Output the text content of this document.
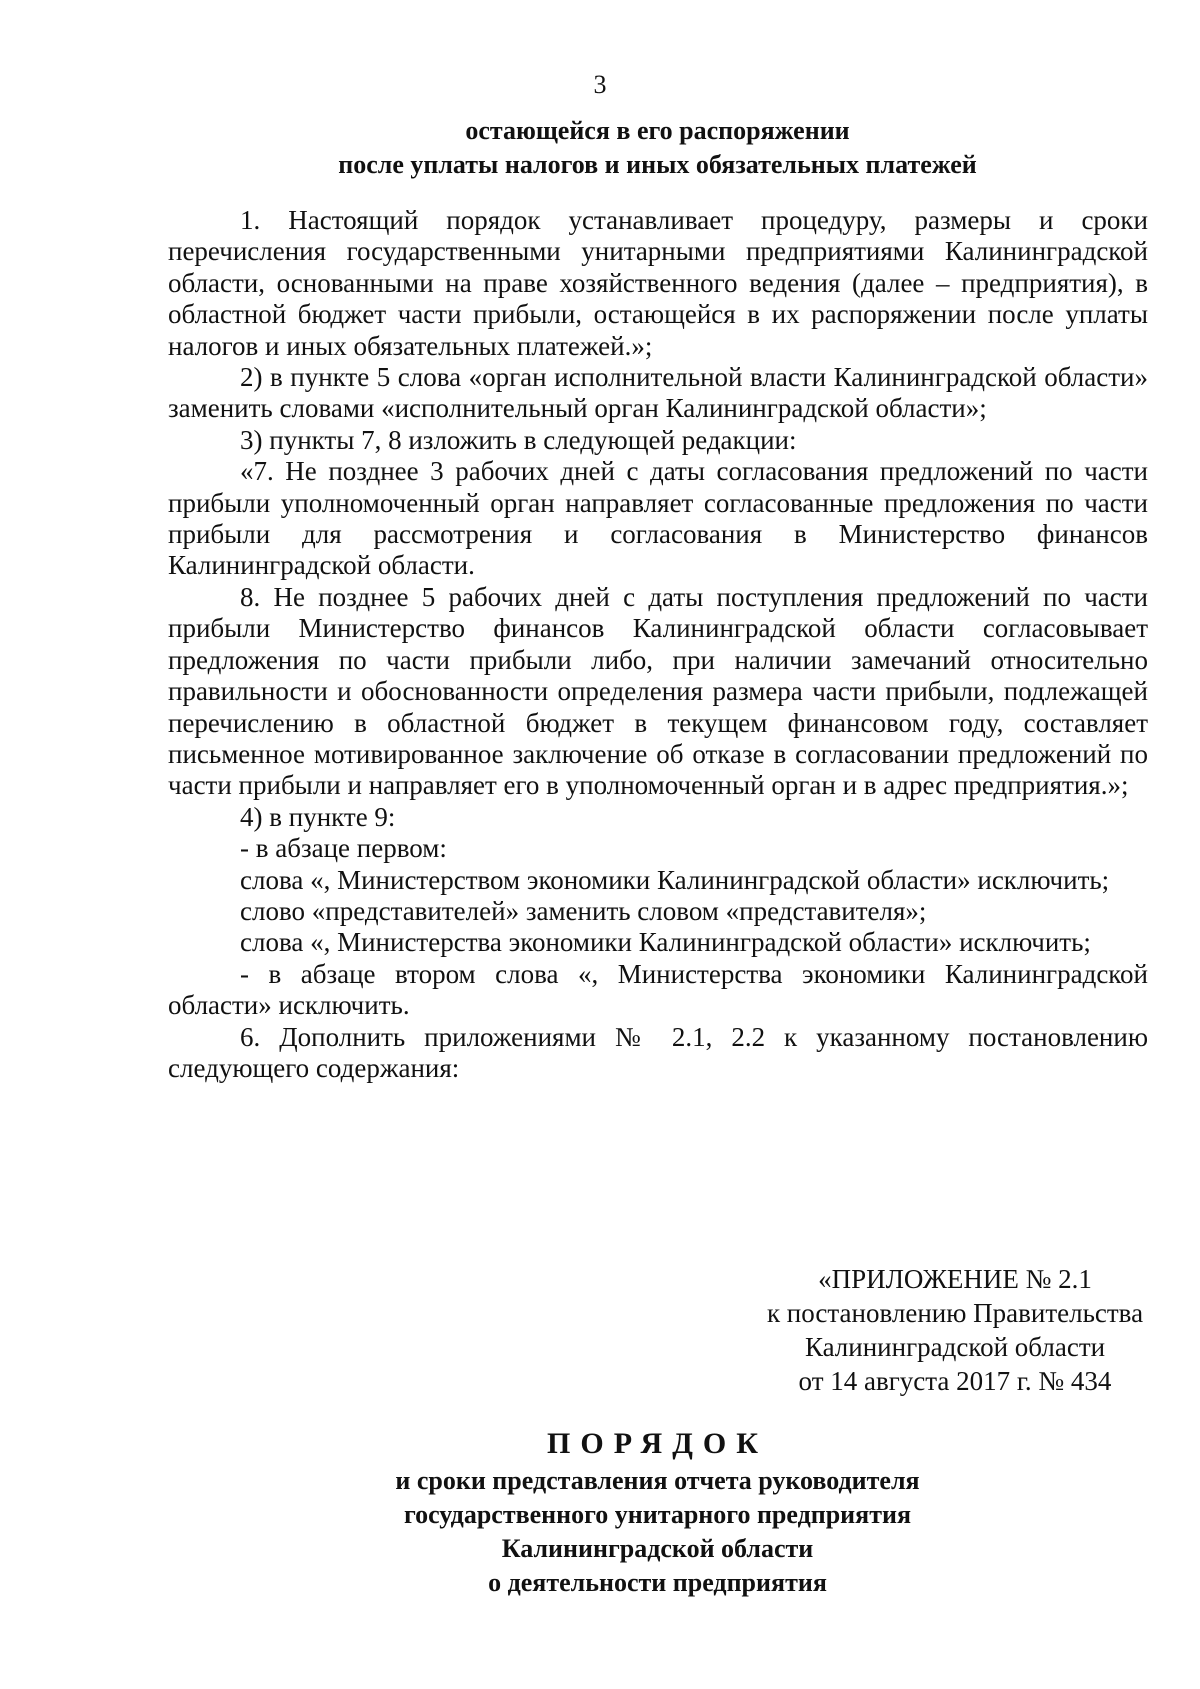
3
остающейся в его распоряжении
после уплаты налогов и иных обязательных платежей

1. Настоящий порядок устанавливает процедуру, размеры и сроки перечисления государственными унитарными предприятиями Калининградской области, основанными на праве хозяйственного ведения (далее – предприятия), в областной бюджет части прибыли, остающейся в их распоряжении после уплаты налогов и иных обязательных платежей.»;

2) в пункте 5 слова «орган исполнительной власти Калининградской области» заменить словами «исполнительный орган Калининградской области»;

3) пункты 7, 8 изложить в следующей редакции:

«7. Не позднее 3 рабочих дней с даты согласования предложений по части прибыли уполномоченный орган направляет согласованные предложения по части прибыли для рассмотрения и согласования в Министерство финансов Калининградской области.

8. Не позднее 5 рабочих дней с даты поступления предложений по части прибыли Министерство финансов Калининградской области согласовывает предложения по части прибыли либо, при наличии замечаний относительно правильности и обоснованности определения размера части прибыли, подлежащей перечислению в областной бюджет в текущем финансовом году, составляет письменное мотивированное заключение об отказе в согласовании предложений по части прибыли и направляет его в уполномоченный орган и в адрес предприятия.»;

4) в пункте 9:

- в абзаце первом:

слова «, Министерством экономики Калининградской области» исключить;

слово «представителей» заменить словом «представителя»;

слова «, Министерства экономики Калининградской области» исключить;

- в абзаце втором слова «, Министерства экономики Калининградской области» исключить.

6. Дополнить приложениями № 2.1, 2.2 к указанному постановлению следующего содержания:

«ПРИЛОЖЕНИЕ № 2.1
к постановлению Правительства
Калининградской области
от 14 августа 2017 г. № 434
ПОРЯДОК
и сроки представления отчета руководителя
государственного унитарного предприятия
Калининградской области
о деятельности предприятия
